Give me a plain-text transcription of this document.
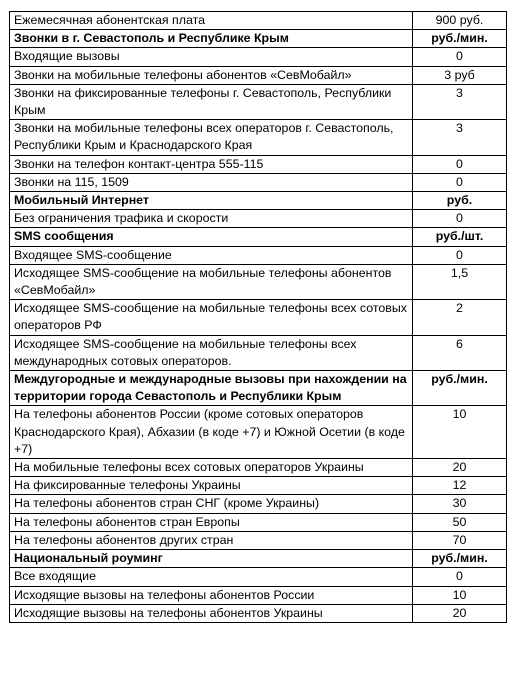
Ежемесячная абонентская плата	900 руб.
Звонки в г. Севастополь и Республике Крым	руб./мин.
Входящие вызовы	0
Звонки на мобильные телефоны абонентов «СевМобайл»	3 руб
Звонки на фиксированные телефоны г. Севастополь, Республики Крым	3
Звонки на мобильные телефоны всех операторов г. Севастополь, Республики Крым и Краснодарского Края	3
Звонки на телефон контакт-центра 555-115	0
Звонки на 115, 1509	0
Мобильный Интернет	руб.
Без ограничения трафика и скорости	0
SMS сообщения	руб./шт.
Входящее SMS-сообщение	0
Исходящее SMS-сообщение на мобильные телефоны абонентов «СевМобайл»	1,5
Исходящее SMS-сообщение на мобильные телефоны всех сотовых операторов РФ	2
Исходящее SMS-сообщение на мобильные телефоны всех международных сотовых операторов.	6
Междугородные и международные вызовы при нахождении на территории города Севастополь и Республики Крым	руб./мин.
На телефоны абонентов России (кроме сотовых операторов Краснодарского Края), Абхазии (в коде +7) и Южной Осетии (в коде +7)	10
На мобильные телефоны всех сотовых операторов Украины	20
На фиксированные телефоны Украины	12
На телефоны абонентов стран СНГ (кроме Украины)	30
На телефоны абонентов стран Европы	50
На телефоны абонентов других стран	70
Национальный роуминг	руб./мин.
Все входящие	0
Исходящие вызовы на телефоны абонентов России	10
Исходящие вызовы на телефоны абонентов Украины	20
